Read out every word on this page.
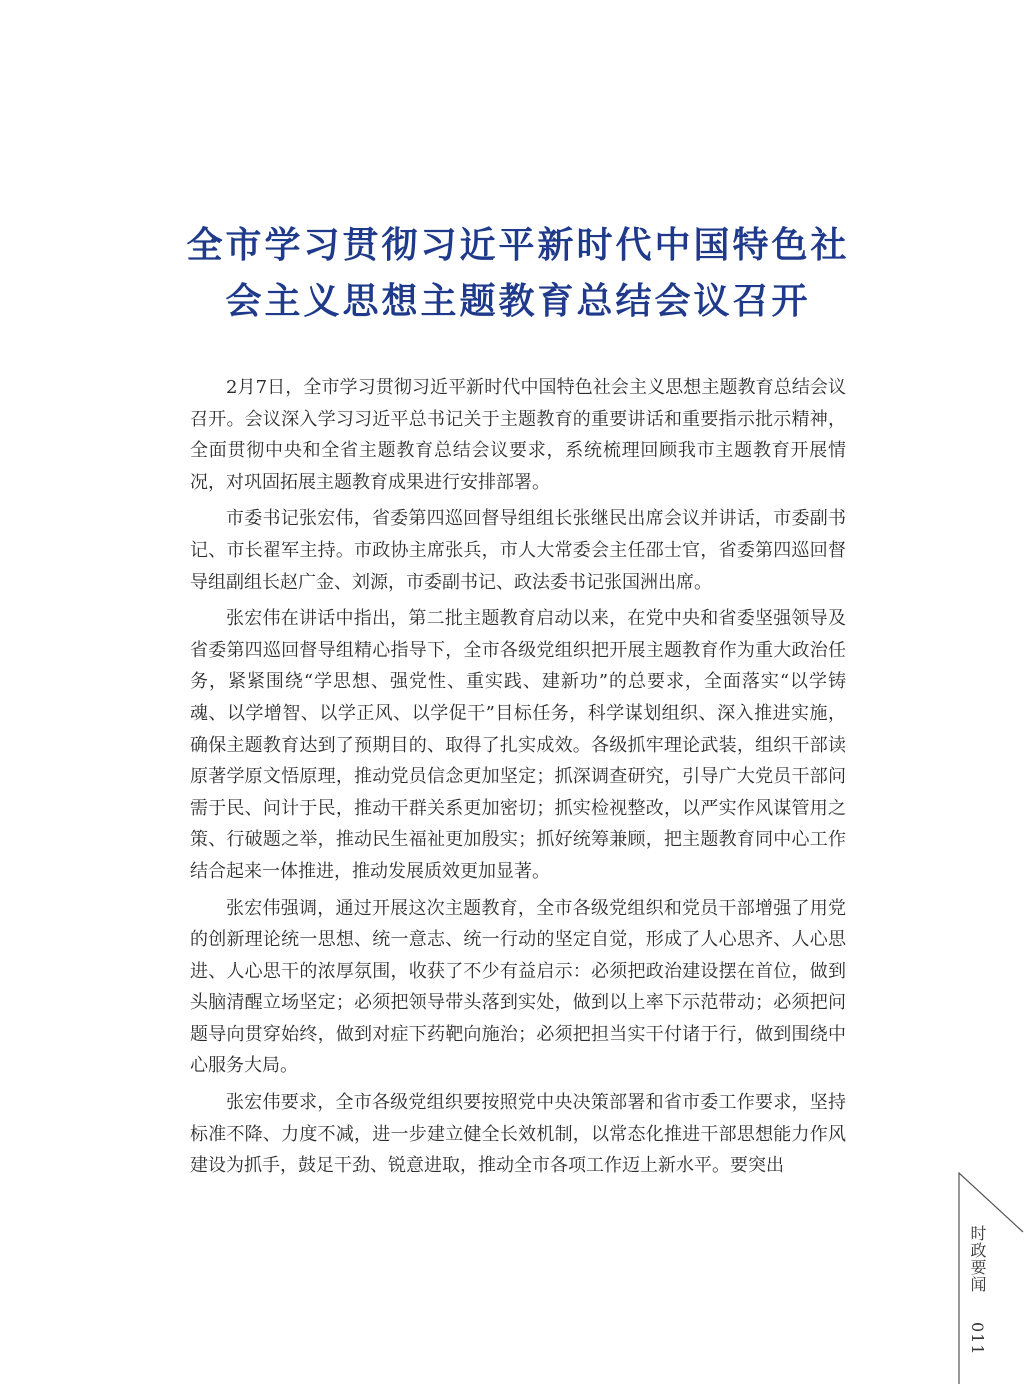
全市学习贯彻习近平新时代中国特色社
会主义思想主题教育总结会议召开

2月7日，全市学习贯彻习近平新时代中国特色社会主义思想主题教育总结会议召开。会议深入学习习近平总书记关于主题教育的重要讲话和重要指示批示精神，全面贯彻中央和全省主题教育总结会议要求，系统梳理回顾我市主题教育开展情况，对巩固拓展主题教育成果进行安排部署。

市委书记张宏伟，省委第四巡回督导组组长张继民出席会议并讲话，市委副书记、市长翟军主持。市政协主席张兵，市人大常委会主任邵士官，省委第四巡回督导组副组长赵广金、刘源，市委副书记、政法委书记张国洲出席。

张宏伟在讲话中指出，第二批主题教育启动以来，在党中央和省委坚强领导及省委第四巡回督导组精心指导下，全市各级党组织把开展主题教育作为重大政治任务，紧紧围绕“学思想、强党性、重实践、建新功”的总要求，全面落实“以学铸魂、以学增智、以学正风、以学促干”目标任务，科学谋划组织、深入推进实施，确保主题教育达到了预期目的、取得了扎实成效。各级抓牢理论武装，组织干部读原著学原文悟原理，推动党员信念更加坚定；抓深调查研究，引导广大党员干部问需于民、问计于民，推动干群关系更加密切；抓实检视整改，以严实作风谋管用之策、行破题之举，推动民生福祉更加殷实；抓好统筹兼顾，把主题教育同中心工作结合起来一体推进，推动发展质效更加显著。

张宏伟强调，通过开展这次主题教育，全市各级党组织和党员干部增强了用党的创新理论统一思想、统一意志、统一行动的坚定自觉，形成了人心思齐、人心思进、人心思干的浓厚氛围，收获了不少有益启示：必须把政治建设摆在首位，做到头脑清醒立场坚定；必须把领导带头落到实处，做到以上率下示范带动；必须把问题导向贯穿始终，做到对症下药靶向施治；必须把担当实干付诸于行，做到围绕中心服务大局。

张宏伟要求，全市各级党组织要按照党中央决策部署和省市委工作要求，坚持标准不降、力度不减，进一步建立健全长效机制，以常态化推进干部思想能力作风建设为抓手，鼓足干劲、锐意进取，推动全市各项工作迈上新水平。要突出

时政要闻
011
